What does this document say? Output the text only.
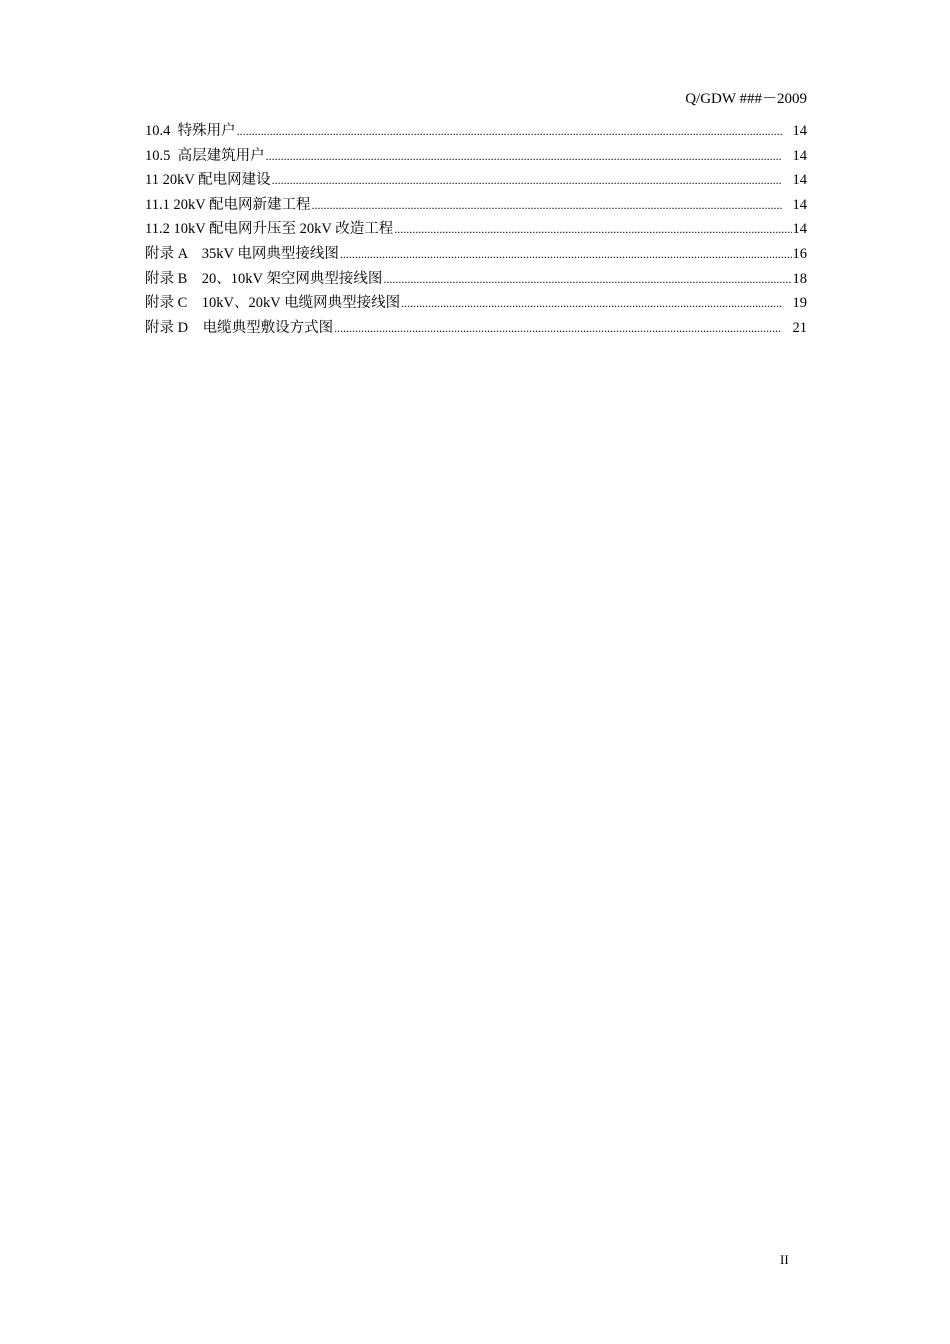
Q/GDW ###－2009
10.4  特殊用户 .....	14
10.5  高层建筑用户 .....	14
11 20kV 配电网建设 .....	14
11.1 20kV 配电网新建工程 .....	14
11.2 10kV 配电网升压至 20kV 改造工程 .....	14
附录 A    35kV 电网典型接线图 .....	16
附录 B    20、10kV 架空网典型接线图 .....	18
附录 C    10kV、20kV 电缆网典型接线图 .....	19
附录 D    电缆典型敷设方式图 .....	21
II
